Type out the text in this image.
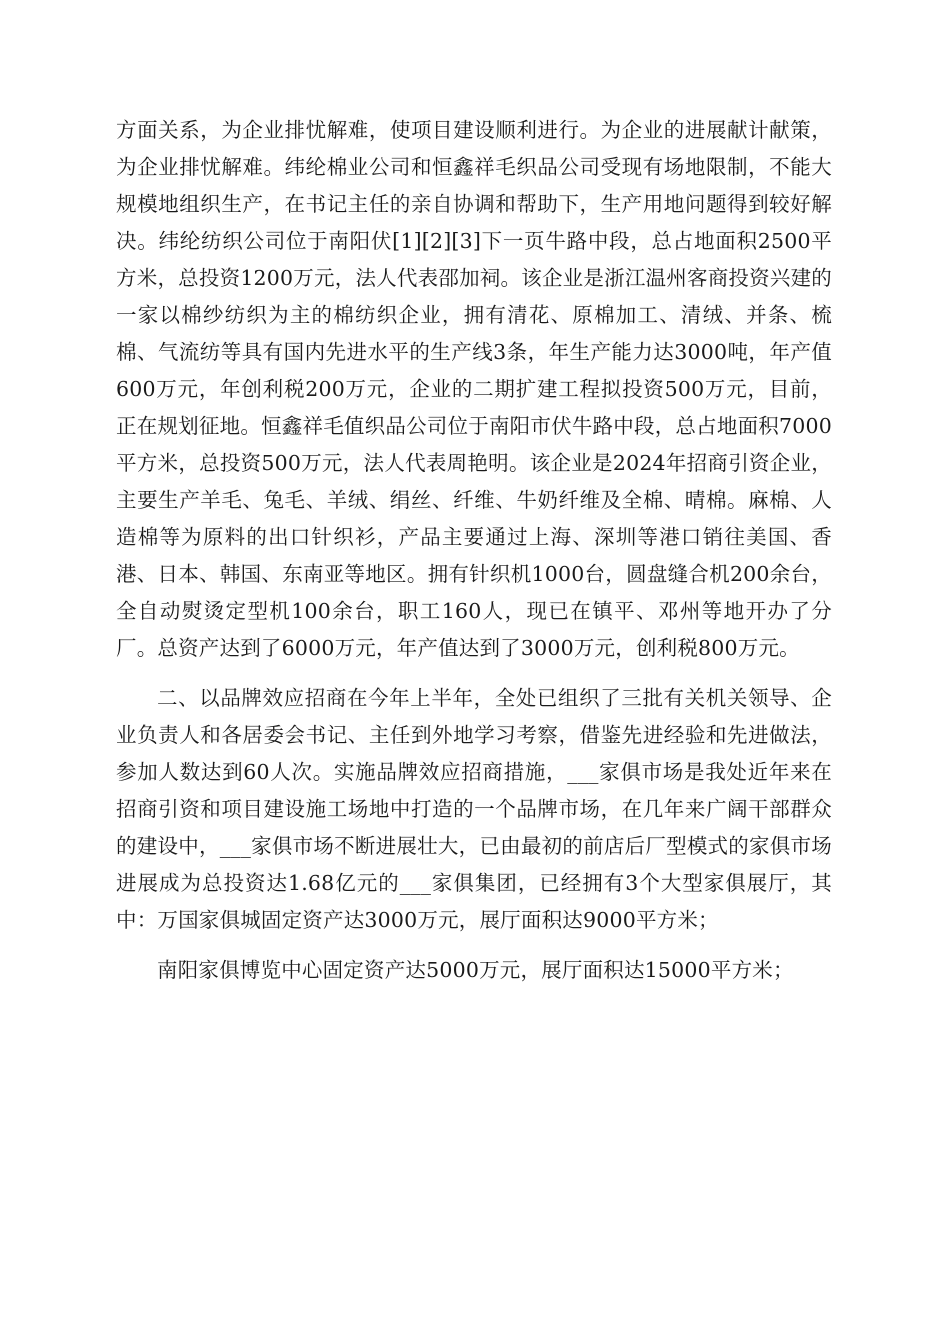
方面关系，为企业排忧解难，使项目建设顺利进行。为企业的进展献计献策，为企业排忧解难。纬纶棉业公司和恒鑫祥毛织品公司受现有场地限制，不能大规模地组织生产，在书记主任的亲自协调和帮助下，生产用地问题得到较好解决。纬纶纺织公司位于南阳伏[1][2][3]下一页牛路中段，总占地面积2500平方米，总投资1200万元，法人代表邵加祠。该企业是浙江温州客商投资兴建的一家以棉纱纺织为主的棉纺织企业，拥有清花、原棉加工、清绒、并条、梳棉、气流纺等具有国内先进水平的生产线3条，年生产能力达3000吨，年产值600万元，年创利税200万元，企业的二期扩建工程拟投资500万元，目前，正在规划征地。恒鑫祥毛值织品公司位于南阳市伏牛路中段，总占地面积7000平方米，总投资500万元，法人代表周艳明。该企业是2024年招商引资企业，主要生产羊毛、兔毛、羊绒、绢丝、纤维、牛奶纤维及全棉、晴棉。麻棉、人造棉等为原料的出口针织衫，产品主要通过上海、深圳等港口销往美国、香港、日本、韩国、东南亚等地区。拥有针织机1000台，圆盘缝合机200余台，全自动熨烫定型机100余台，职工160人，现已在镇平、邓州等地开办了分厂。总资产达到了6000万元，年产值达到了3000万元，创利税800万元。

二、以品牌效应招商在今年上半年，全处已组织了三批有关机关领导、企业负责人和各居委会书记、主任到外地学习考察，借鉴先进经验和先进做法，参加人数达到60人次。实施品牌效应招商措施，___家俱市场是我处近年来在招商引资和项目建设施工场地中打造的一个品牌市场，在几年来广阔干部群众的建设中，___家俱市场不断进展壮大，已由最初的前店后厂型模式的家俱市场进展成为总投资达1.68亿元的___家俱集团，已经拥有3个大型家俱展厅，其中：万国家俱城固定资产达3000万元，展厅面积达9000平方米；

南阳家俱博览中心固定资产达5000万元，展厅面积达15000平方米；
